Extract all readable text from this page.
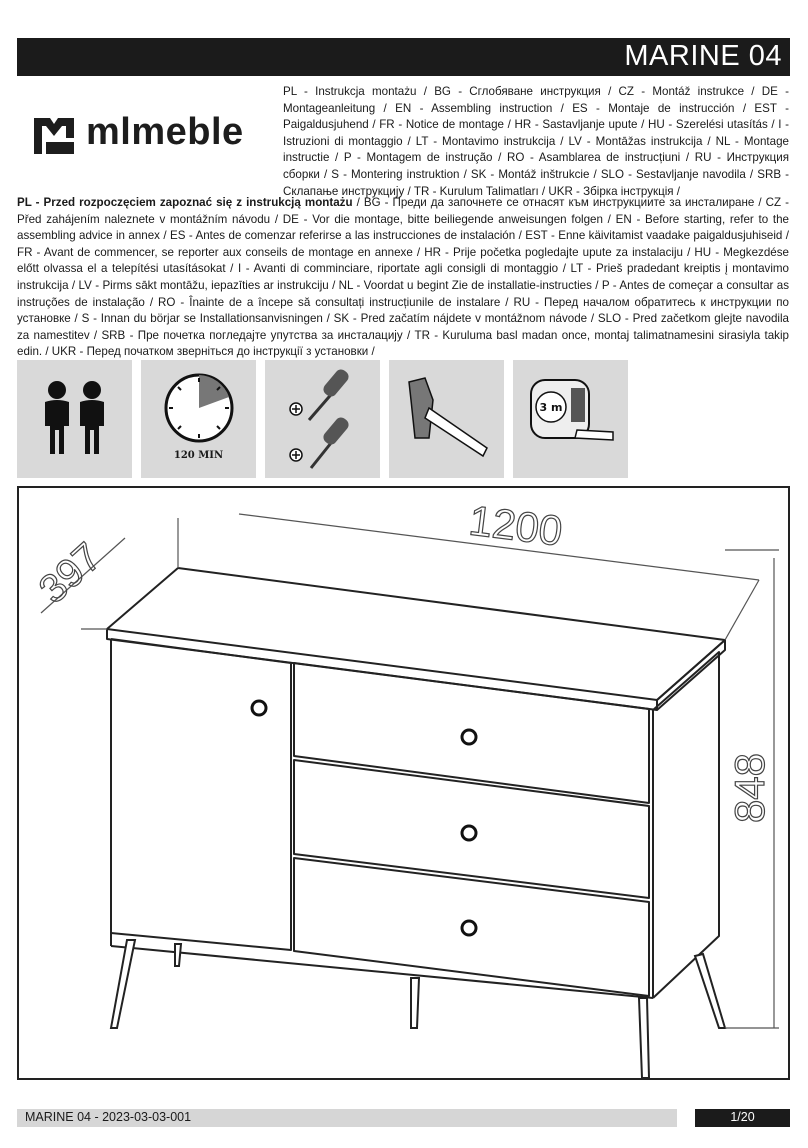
MARINE 04
mlmeble
PL - Instrukcja montażu / BG - Сглобяване инструкция / CZ - Montáž instrukce / DE - Montageanleitung / EN - Assembling instruction / ES - Montaje de instrucción / EST - Paigaldusjuhend / FR - Notice de montage / HR - Sastavljanje upute / HU - Szerelési utasítás / I - Istruzioni di montaggio / LT - Montavimo instrukcija / LV - Montāžas instrukcija / NL - Montage instructie / P - Montagem de instrução / RO - Asamblarea de instrucțiuni / RU - Инструкция сборки / S - Montering instruktion / SK - Montáž inštrukcie / SLO - Sestavljanje navodila / SRB - Склапање инструкцију / TR - Kurulum Talimatları / UKR - Збірка інструкція /
PL - Przed rozpoczęciem zapoznać się z instrukcją montażu / BG - Преди да започнете се отнасят към инструкциите за инсталиране / CZ - Před zahájením naleznete v montážním návodu / DE - Vor die montage, bitte beiliegende anweisungen folgen / EN - Before starting, refer to the assembling advice in annex / ES - Antes de comenzar referirse a las instrucciones de instalación / EST - Enne käivitamist vaadake paigaldusjuhiseid / FR - Avant de commencer, se reporter aux conseils de montage en annexe / HR - Prije početka pogledajte upute za instalaciju / HU - Megkezdése előtt olvassa el a telepítési utasításokat / I - Avanti di comminciare, riportate agli consigli di montaggio / LT - Prieš pradedant kreiptis į montavimo instrukcija / LV - Pirms sākt montāžu, iepazīties ar instrukciju / NL - Voordat u begint Zie de installatie-instructies / P - Antes de começar a consultar as instruções de instalação / RO - Înainte de a începe să consultați instrucțiunile de instalare / RU - Перед началом обратитесь к инструкции по установке / S - Innan du börjar se Installationsanvisningen / SK - Pred začatím nájdete v montážnom návode / SLO - Pred začetkom glejte navodila za namestitev / SRB - Пре почетка погледајте упутства за инсталацију / TR - Kuruluma basl madan once, montaj talimatnamesini sirasiyla takip edin. / UKR - Перед початком зверніться до інструкції з установки /
120 MIN
3 m
1200
397
848
MARINE 04 - 2023-03-03-001	1/20
